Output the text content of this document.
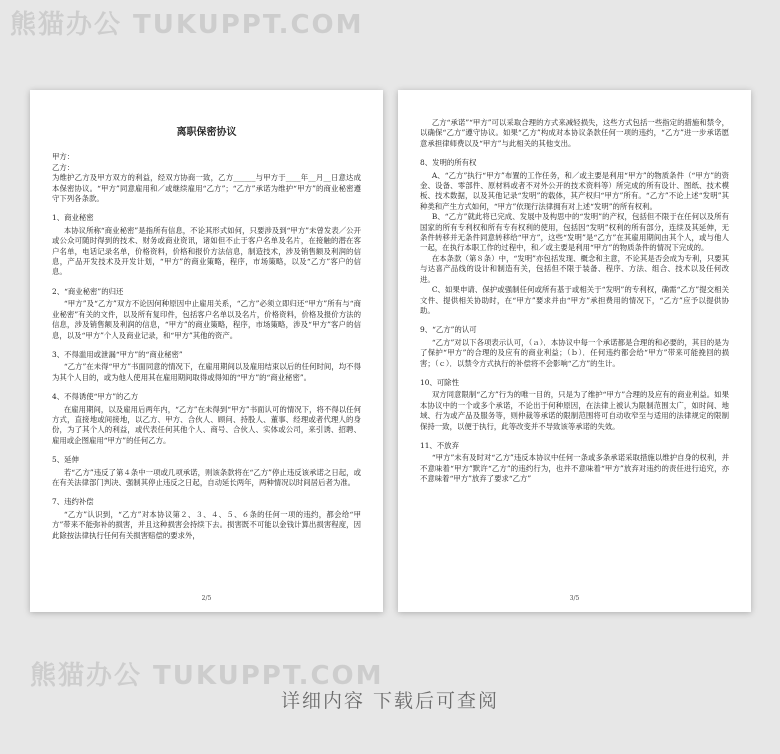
熊猫办公 TUKUPPT.COM
离职保密协议

甲方：

乙方：

为维护乙方及甲方双方的利益，经双方协商一致，乙方______与甲方于____年__月__日意达成本保密协议。“甲方”同意雇用和／或继续雇用“乙方”；“乙方”承诺为维护“甲方”的商业秘密遵守下列各条款。

1、商业秘密

本协议所称“商业秘密”是指所有信息，不论其形式如何，只要涉及到“甲方”未曾发表／公开或公众可随时得到的技术、财务或商业资讯，诸如但不止于客户名单及名片，在接触的潜在客户名单，电话记录名单，价格资料，价格和报价方法信息，制造技术，涉及销售额及利润的信息，产品开发技术及开发计划，“甲方”的商业策略，程序，市场策略，以及“乙方”客户的信息。

2、“商业秘密”的归还

“甲方”及“乙方”双方不论因何种原因中止雇用关系，“乙方”必须立即归还“甲方”所有与“商业秘密”有关的文件，以及所有复印件，包括客户名单以及名片，价格资料，价格及报价方法的信息，涉及销售额及利润的信息，“甲方”的商业策略，程序，市场策略，涉及“甲方”客户的信息，以及“甲方”个人及商业记录，和“甲方”其他的资产。

3、不得滥用或泄漏“甲方”的“商业秘密”

“乙方”在未得“甲方”书面同意的情况下，在雇用期间以及雇用结束以后的任何时间，均不得为其个人目的，或为他人使用其在雇用期间取得或得知的“甲方”的“商业秘密”。

4、不得诱使“甲方”的乙方

在雇用期间，以及雇用后两年内，“乙方”在未得到“甲方”书面认可的情况下，将不得以任何方式，直接地或间接地，以乙方、甲方、合伙人、顾问、持股人、董事、经理或者代理人的身份，为了其个人的利益，或代表任何其他个人、商号、合伙人、实体或公司，来引诱、招聘、雇用或企图雇用“甲方”的任何乙方。

5、延伸

若“乙方”违反了第４条中一项或几项承诺，则该条款将在“乙方”停止违反该承诺之日起，或在有关法律部门判决、强制其停止违反之日起，自动延长两年，两种情况以时间居后者为准。

7、违约补偿

“乙方”认识到，“乙方”对本协议第２、３、４、５、６条的任何一项的违约，都会给“甲方”带来不能弥补的损害，并且这种损害会持续下去。损害既不可能以金钱计算出损害程度，因此除按法律执行任何有关损害赔偿的要求外，

2/5

乙方“承诺”“甲方”可以采取合理的方式来减轻损失，这些方式包括一些指定的措施和禁令，以确保“乙方”遵守协议。如果“乙方”构成对本协议条款任何一项的违约，“乙方”进一步承诺愿意承担律师费以及“甲方”与此相关的其他支出。

8、发明的所有权

A、“乙方”执行“甲方”布置的工作任务，和／或主要是利用“甲方”的物质条件（“甲方”的资金、设备、零部件、原材料或者不对外公开的技术资料等）所完成的所有设计、图纸、技术模板、技术数据，以及其他记录“发明”的载体，其产权归“甲方”所有。“乙方”不论上述“发明”其种类和产生方式如何，“甲方”依现行法律拥有对上述“发明”的所有权利。

B、“乙方”就此将已完成、发展中及构思中的“发明”的产权，包括但不限于在任何以及所有国家的所有专利权和所有专有权利的使用，包括因“发明”权利的所有部分，连续及其延伸，无条件转移并无条件同意转移给“甲方”，这些“发明”是“乙方”在其雇用期间由其个人，或与他人一起，在执行本职工作的过程中，和／或主要是利用“甲方”的物质条件的情况下完成的。

在本条款（第８条）中，“发明”亦包括发现、概念和主意，不论其是否会成为专利，只要其与达喜产品线的设计和制造有关，包括但不限于装备、程序、方法、组合、技术以及任何改进。

C、如果申请、保护或强制任何或所有基于或相关于“发明”的专利权，确需“乙方”提交相关文件、提供相关协助时，在“甲方”要求并由“甲方”承担费用的情况下，“乙方”应予以提供协助。

9、“乙方”的认可

“乙方”对以下各项表示认可，（ａ）．本协议中每一个承诺都是合理的和必要的，其目的是为了保护“甲方”的合理的及应有的商业利益；（ｂ）．任何违约都会给“甲方”带来可能挽回的损害；（ｃ）．以禁令方式执行的补偿将不会影响“乙方”的生计。

10、可除性

双方同意限制“乙方”行为的唯一目的，只是为了维护“甲方”合理的及应有的商业利益。如果本协议中的一个或多个承诺，不论出于何种原因，在法律上被认为限制范围太广，如时间、地域、行为或产品及服务等，则仲裁等承诺的限制范围将可自动收窄至与适用的法律规定的限制保持一致，以便于执行，此等改变并不导致该等承诺的失效。

11、不放弃

“甲方”未有及时对“乙方”违反本协议中任何一条或多条承诺采取措施以维护自身的权利，并不意味着“甲方”默许“乙方”的违约行为，也并不意味着“甲方”放弃对违约的责任进行追究，亦不意味着“甲方”放弃了要求“乙方”

3/5
熊猫办公 TUKUPPT.COM
详细内容 下载后可查阅
